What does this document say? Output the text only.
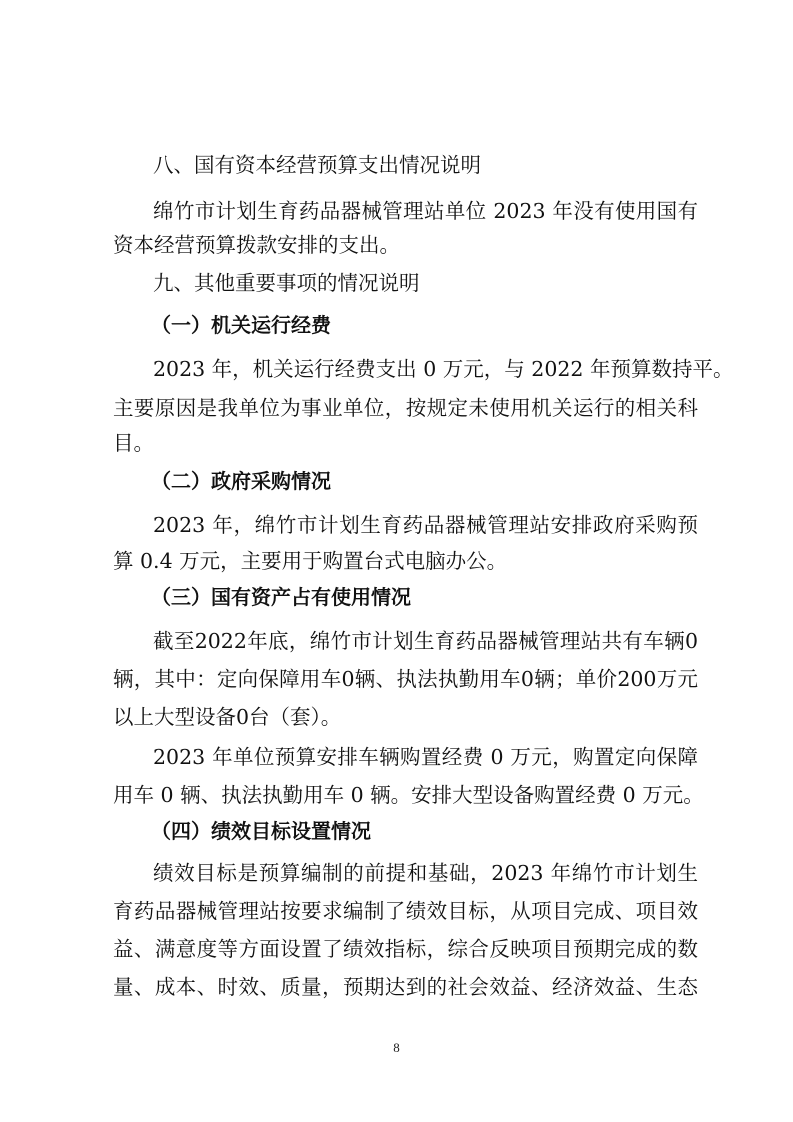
八、国有资本经营预算支出情况说明
绵竹市计划生育药品器械管理站单位 2023 年没有使用国有
资本经营预算拨款安排的支出。
九、其他重要事项的情况说明
（一）机关运行经费
2023 年，机关运行经费支出 0 万元，与 2022 年预算数持平。
主要原因是我单位为事业单位，按规定未使用机关运行的相关科
目。
（二）政府采购情况
2023 年，绵竹市计划生育药品器械管理站安排政府采购预
算 0.4 万元，主要用于购置台式电脑办公。
（三）国有资产占有使用情况
截至2022年底，绵竹市计划生育药品器械管理站共有车辆0
辆，其中：定向保障用车0辆、执法执勤用车0辆；单价200万元
以上大型设备0台（套）。
2023 年单位预算安排车辆购置经费 0 万元，购置定向保障
用车 0 辆、执法执勤用车 0 辆。安排大型设备购置经费 0 万元。
（四）绩效目标设置情况
绩效目标是预算编制的前提和基础，2023 年绵竹市计划生
育药品器械管理站按要求编制了绩效目标，从项目完成、项目效
益、满意度等方面设置了绩效指标，综合反映项目预期完成的数
量、成本、时效、质量，预期达到的社会效益、经济效益、生态
8
